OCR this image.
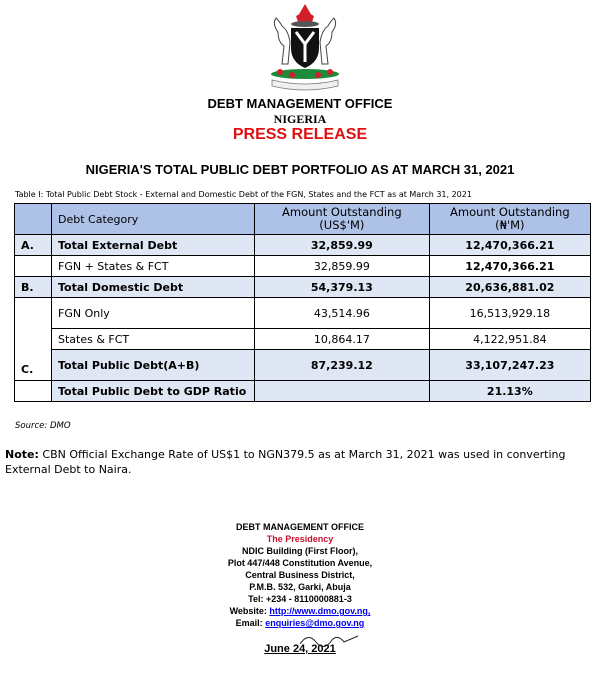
DEBT MANAGEMENT OFFICE
NIGERIA
PRESS RELEASE
NIGERIA'S TOTAL PUBLIC DEBT PORTFOLIO AS AT MARCH 31, 2021
Table I: Total Public Debt Stock - External and Domestic Debt of the FGN, States and the FCT as at March 31, 2021
	Debt Category	Amount Outstanding (US$'M)	Amount Outstanding (₦'M)
A.	Total External Debt	32,859.99	12,470,366.21
	FGN + States & FCT	32,859.99	12,470,366.21
B.	Total Domestic Debt	54,379.13	20,636,881.02
C.	FGN Only	43,514.96	16,513,929.18
	States & FCT	10,864.17	4,122,951.84
	Total Public Debt(A+B)	87,239.12	33,107,247.23
	Total Public Debt to GDP Ratio		21.13%
Source: DMO
Note: CBN Official Exchange Rate of US$1 to NGN379.5 as at March 31, 2021 was used in converting External Debt to Naira.
DEBT MANAGEMENT OFFICE
The Presidency
NDIC Building (First Floor),
Plot 447/448 Constitution Avenue,
Central Business District,
P.M.B. 532, Garki, Abuja
Tel: +234 - 8110000881-3
Website: http://www.dmo.gov.ng,
Email: enquiries@dmo.gov.ng
June 24, 2021
